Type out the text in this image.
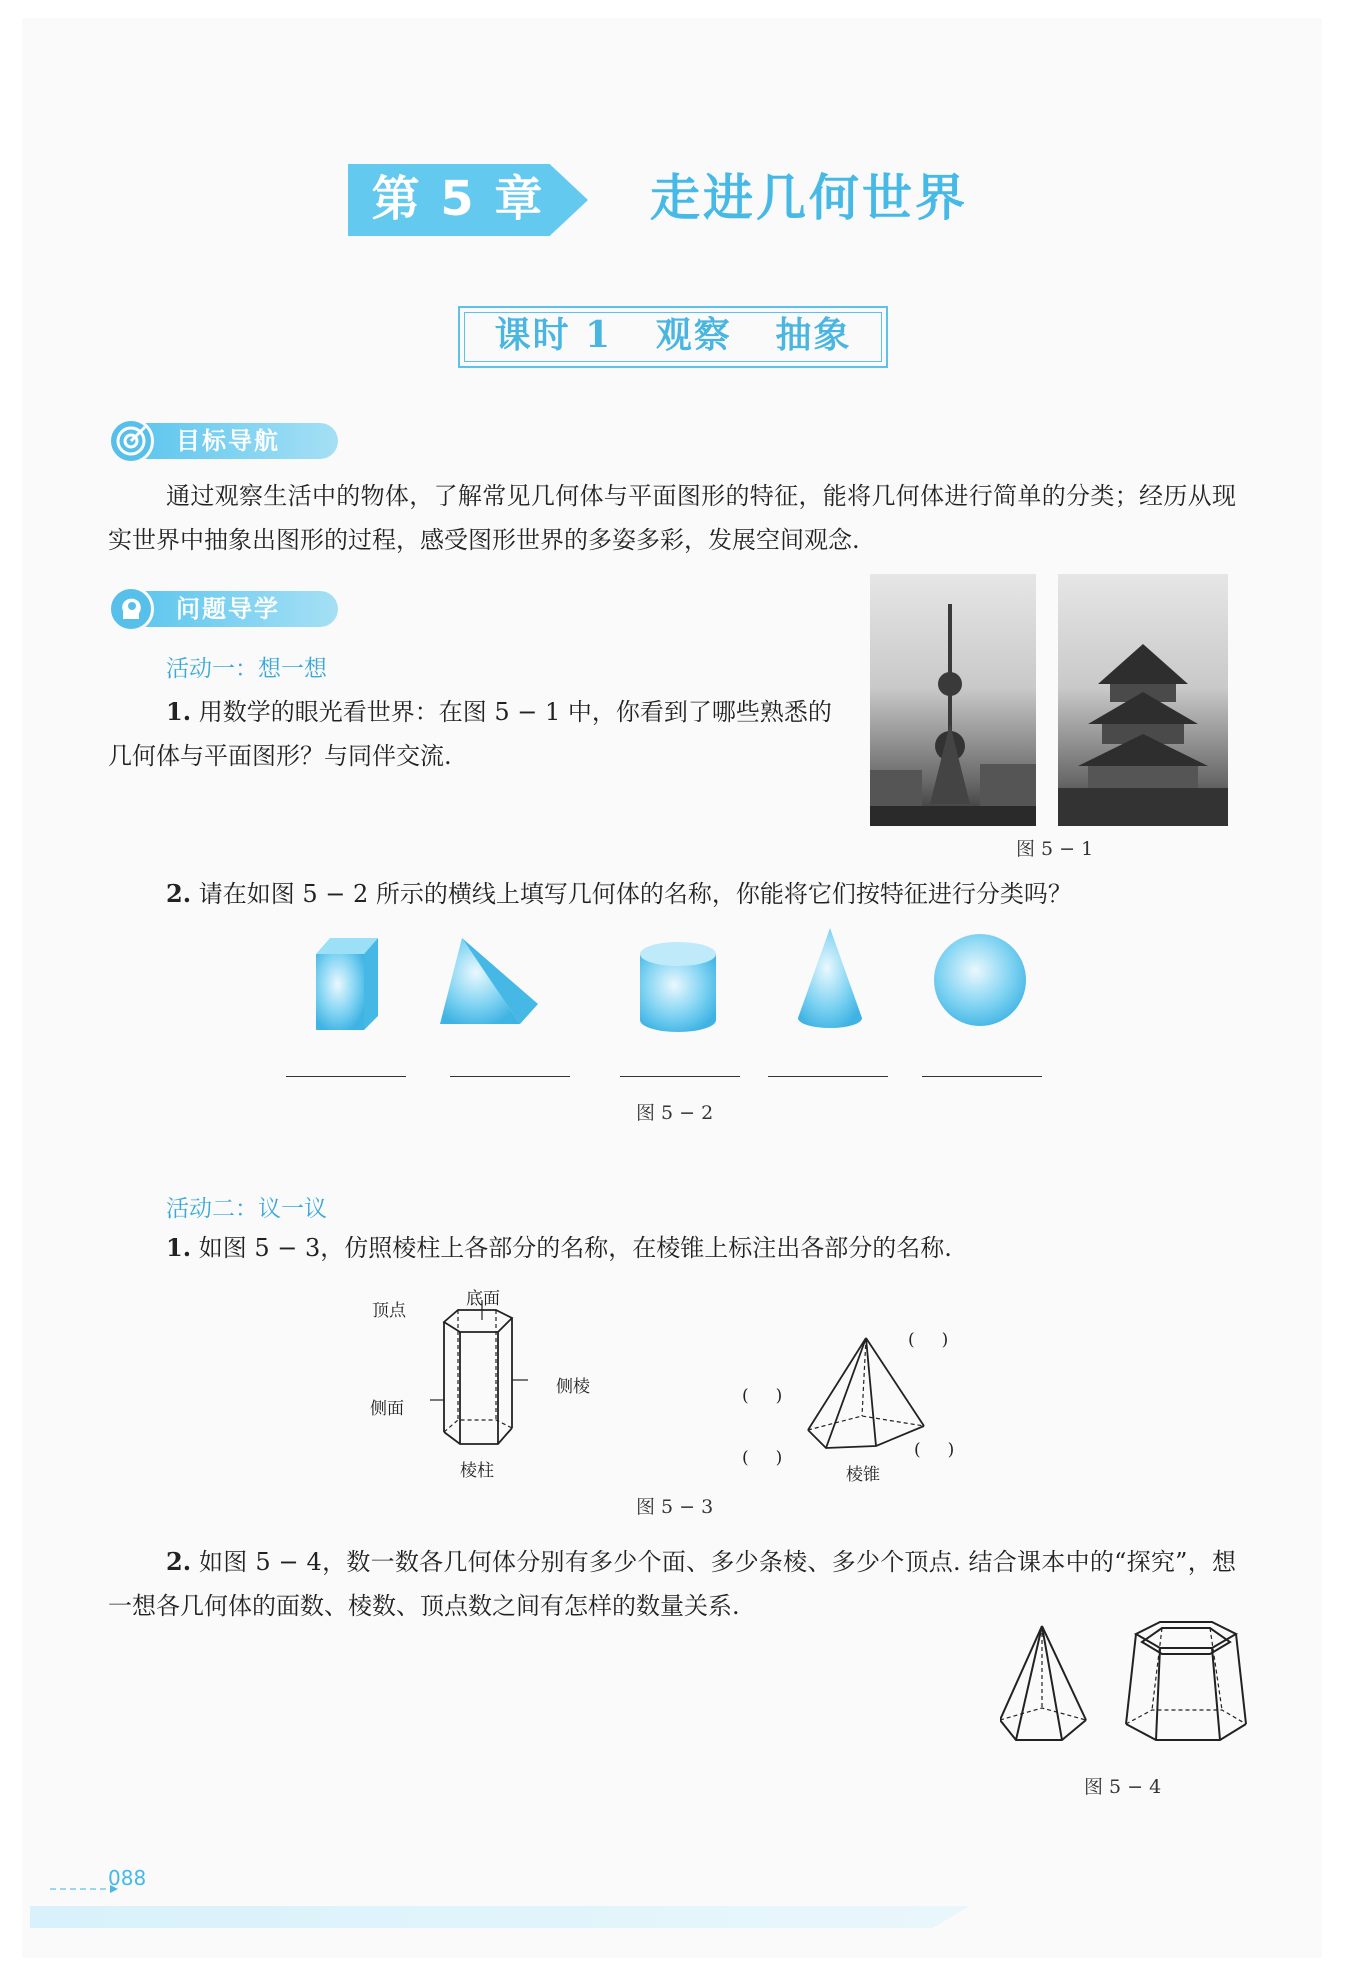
第 5 章 走进几何世界
课时 1   观察   抽象
目标导航
通过观察生活中的物体，了解常见几何体与平面图形的特征，能将几何体进行简单的分类；经历从现实世界中抽象出图形的过程，感受图形世界的多姿多彩，发展空间观念.
问题导学
活动一：想一想
1. 用数学的眼光看世界：在图 5 − 1 中，你看到了哪些熟悉的几何体与平面图形？与同伴交流.
图 5 − 1
2. 请在如图 5 − 2 所示的横线上填写几何体的名称，你能将它们按特征进行分类吗？
图 5 − 2
活动二：议一议
1. 如图 5 − 3，仿照棱柱上各部分的名称，在棱锥上标注出各部分的名称.
顶点
底面
侧棱
侧面
棱柱
(     )
(     )
(     )	(     )
棱锥
图 5 − 3
2. 如图 5 − 4，数一数各几何体分别有多少个面、多少条棱、多少个顶点. 结合课本中的“探究”，想一想各几何体的面数、棱数、顶点数之间有怎样的数量关系.
图 5 − 4
088
